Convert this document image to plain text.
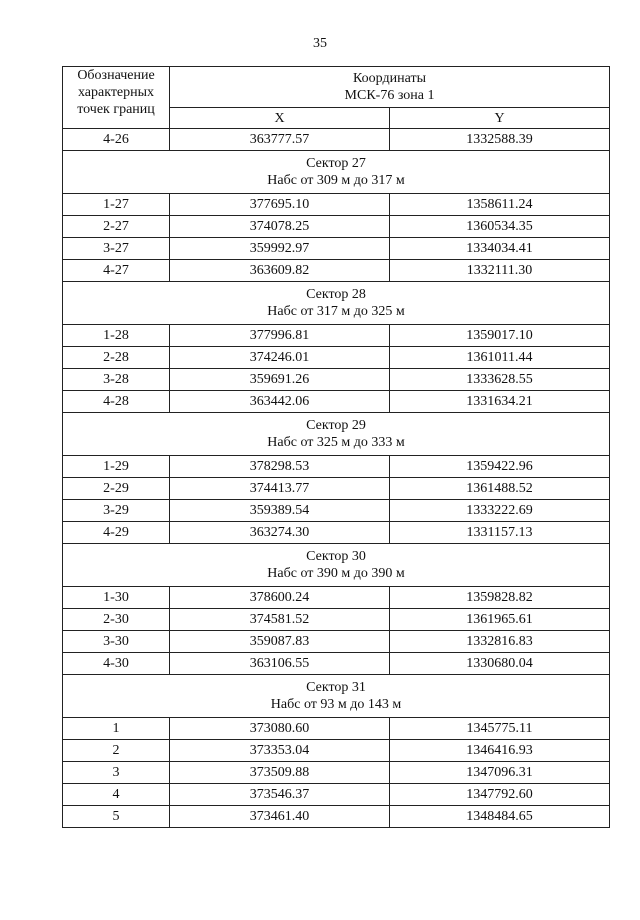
35
Обозначение
характерных
точек границ	Координаты
МСК-76 зона 1	

	X	Y
4-26	363777.57	1332588.39

Сектор 27
Набс от 309 м до 317 м		

1-27	377695.10	1358611.24
2-27	374078.25	1360534.35
3-27	359992.97	1334034.41
4-27	363609.82	1332111.30

Сектор 28
Набс от 317 м до 325 м		

1-28	377996.81	1359017.10
2-28	374246.01	1361011.44
3-28	359691.26	1333628.55
4-28	363442.06	1331634.21

Сектор 29
Набс от 325 м до 333 м		

1-29	378298.53	1359422.96
2-29	374413.77	1361488.52
3-29	359389.54	1333222.69
4-29	363274.30	1331157.13

Сектор 30
Набс от 390 м до 390 м		

1-30	378600.24	1359828.82
2-30	374581.52	1361965.61
3-30	359087.83	1332816.83
4-30	363106.55	1330680.04

Сектор 31
Набс от 93 м до 143 м		

1	373080.60	1345775.11
2	373353.04	1346416.93
3	373509.88	1347096.31
4	373546.37	1347792.60
5	373461.40	1348484.65
